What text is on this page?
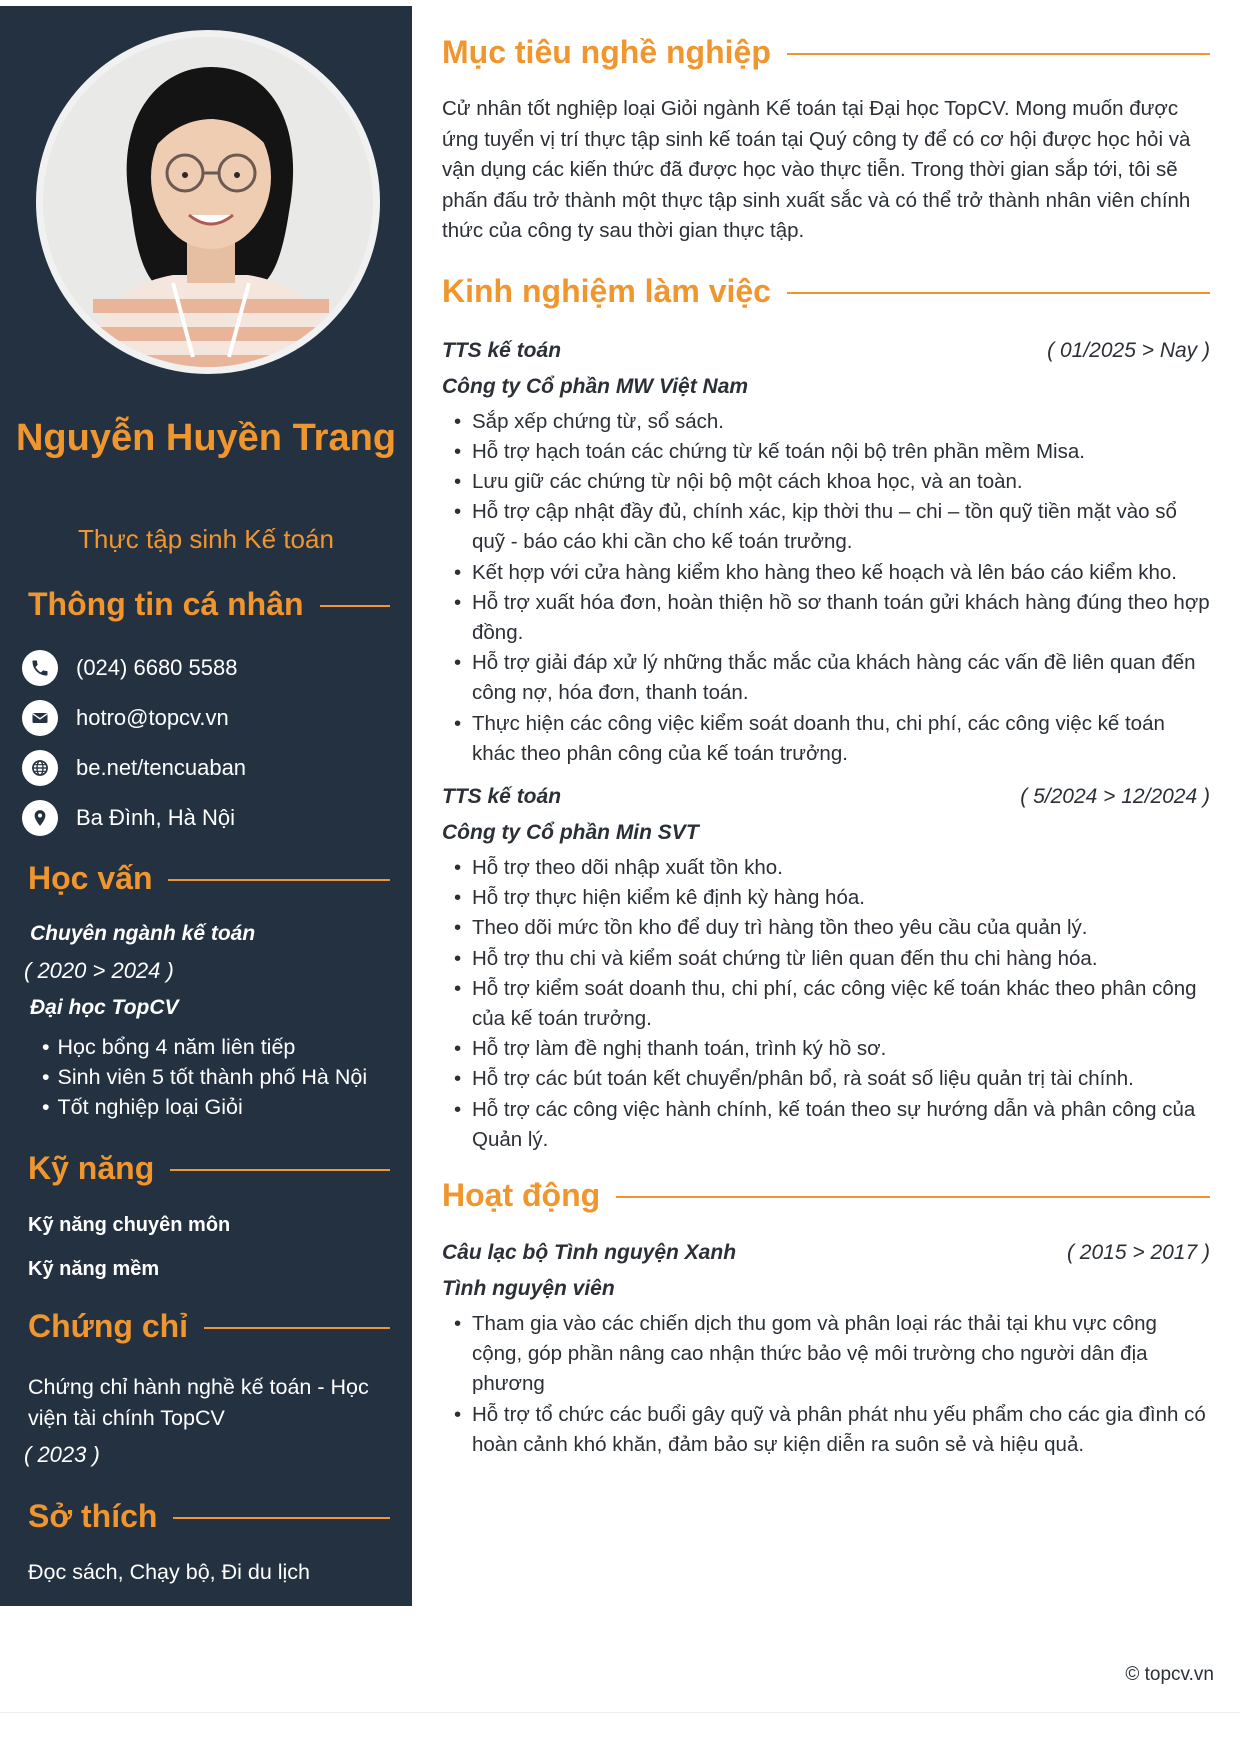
Nguyễn Huyền Trang
Thực tập sinh Kế toán
Thông tin cá nhân
(024) 6680 5588
hotro@topcv.vn
be.net/tencuaban
Ba Đình, Hà Nội
Học vấn
Chuyên ngành kế toán
( 2020 > 2024 )
Đại học TopCV
• Học bổng 4 năm liên tiếp
• Sinh viên 5 tốt thành phố Hà Nội
• Tốt nghiệp loại Giỏi
Kỹ năng
Kỹ năng chuyên môn
Kỹ năng mềm
Chứng chỉ
Chứng chỉ hành nghề kế toán - Học viện tài chính TopCV
( 2023 )
Sở thích
Đọc sách, Chạy bộ, Đi du lịch
Mục tiêu nghề nghiệp

Cử nhân tốt nghiệp loại Giỏi ngành Kế toán tại Đại học TopCV. Mong muốn được ứng tuyển vị trí thực tập sinh kế toán tại Quý công ty để có cơ hội được học hỏi và vận dụng các kiến thức đã được học vào thực tiễn. Trong thời gian sắp tới, tôi sẽ phấn đấu trở thành một thực tập sinh xuất sắc và có thể trở thành nhân viên chính thức của công ty sau thời gian thực tập.

Kinh nghiệm làm việc
TTS kế toán	( 01/2025 > Nay )
Công ty Cổ phần MW Việt Nam
• Sắp xếp chứng từ, sổ sách.
• Hỗ trợ hạch toán các chứng từ kế toán nội bộ trên phần mềm Misa.
• Lưu giữ các chứng từ nội bộ một cách khoa học, và an toàn.
• Hỗ trợ cập nhật đầy đủ, chính xác, kịp thời thu – chi – tồn quỹ tiền mặt vào sổ quỹ - báo cáo khi cần cho kế toán trưởng.
• Kết hợp với cửa hàng kiểm kho hàng theo kế hoạch và lên báo cáo kiểm kho.
• Hỗ trợ xuất hóa đơn, hoàn thiện hồ sơ thanh toán gửi khách hàng đúng theo hợp đồng.
• Hỗ trợ giải đáp xử lý những thắc mắc của khách hàng các vấn đề liên quan đến công nợ, hóa đơn, thanh toán.
• Thực hiện các công việc kiểm soát doanh thu, chi phí, các công việc kế toán khác theo phân công của kế toán trưởng.
TTS kế toán	( 5/2024 > 12/2024 )
Công ty Cổ phần Min SVT
• Hỗ trợ theo dõi nhập xuất tồn kho.
• Hỗ trợ thực hiện kiểm kê định kỳ hàng hóa.
• Theo dõi mức tồn kho để duy trì hàng tồn theo yêu cầu của quản lý.
• Hỗ trợ thu chi và kiểm soát chứng từ liên quan đến thu chi hàng hóa.
• Hỗ trợ kiểm soát doanh thu, chi phí, các công việc kế toán khác theo phân công của kế toán trưởng.
• Hỗ trợ làm đề nghị thanh toán, trình ký hồ sơ.
• Hỗ trợ các bút toán kết chuyển/phân bổ, rà soát số liệu quản trị tài chính.
• Hỗ trợ các công việc hành chính, kế toán theo sự hướng dẫn và phân công của Quản lý.
Hoạt động
Câu lạc bộ Tình nguyện Xanh	( 2015 > 2017 )
Tình nguyện viên
• Tham gia vào các chiến dịch thu gom và phân loại rác thải tại khu vực công cộng, góp phần nâng cao nhận thức bảo vệ môi trường cho người dân địa phương
• Hỗ trợ tổ chức các buổi gây quỹ và phân phát nhu yếu phẩm cho các gia đình có hoàn cảnh khó khăn, đảm bảo sự kiện diễn ra suôn sẻ và hiệu quả.
© topcv.vn
